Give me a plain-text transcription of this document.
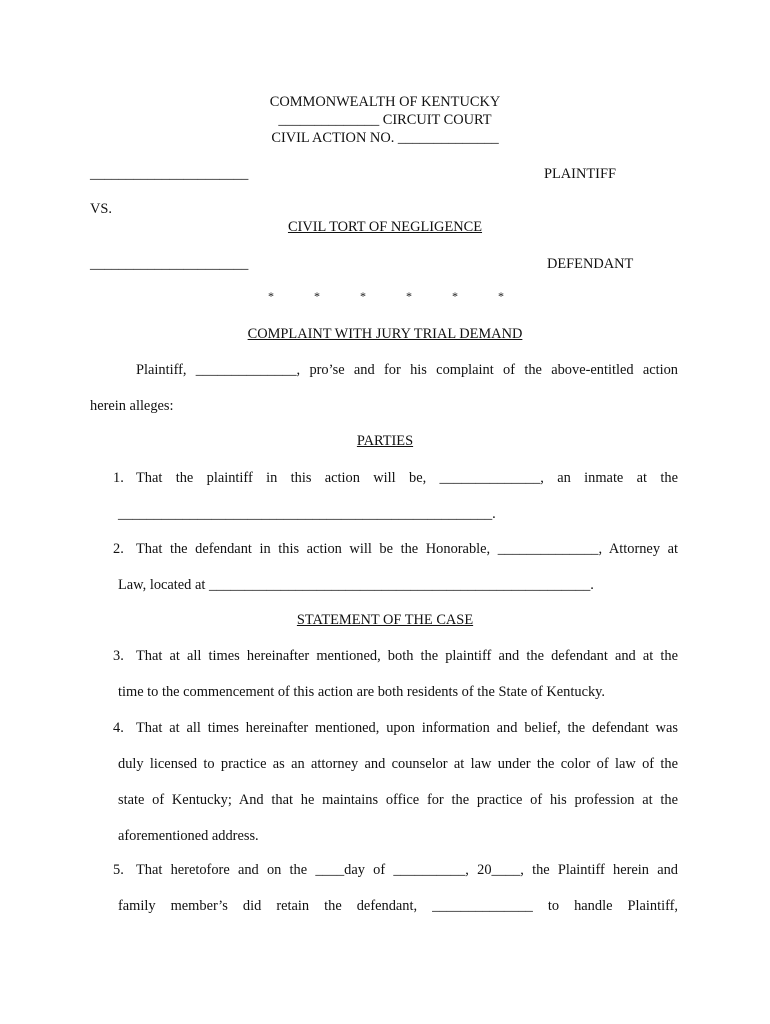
COMMONWEALTH OF KENTUCKY
______________ CIRCUIT COURT
CIVIL ACTION NO. ______________
______________________	PLAINTIFF
VS.
CIVIL TORT OF NEGLIGENCE
______________________	DEFENDANT
*	*	*	*	*	*
COMPLAINT WITH JURY TRIAL DEMAND
Plaintiff, ______________, pro’se and for his complaint of the above-entitled action
herein alleges:
PARTIES
1. That the plaintiff in this action will be, ______________, an inmate at the
____________________________________________________.
2. That the defendant in this action will be the Honorable, ______________, Attorney at
Law, located at _____________________________________________________.
STATEMENT OF THE CASE
3. That at all times hereinafter mentioned, both the plaintiff and the defendant and at the
time to the commencement of this action are both residents of the State of Kentucky.
4. That at all times hereinafter mentioned, upon information and belief, the defendant was
duly licensed to practice as an attorney and counselor at law under the color of law of the
state of Kentucky; And that he maintains office for the practice of his profession at the
aforementioned address.
5. That heretofore and on the ____day of __________, 20____, the Plaintiff herein and
family member’s did retain the defendant, ______________ to handle Plaintiff,
